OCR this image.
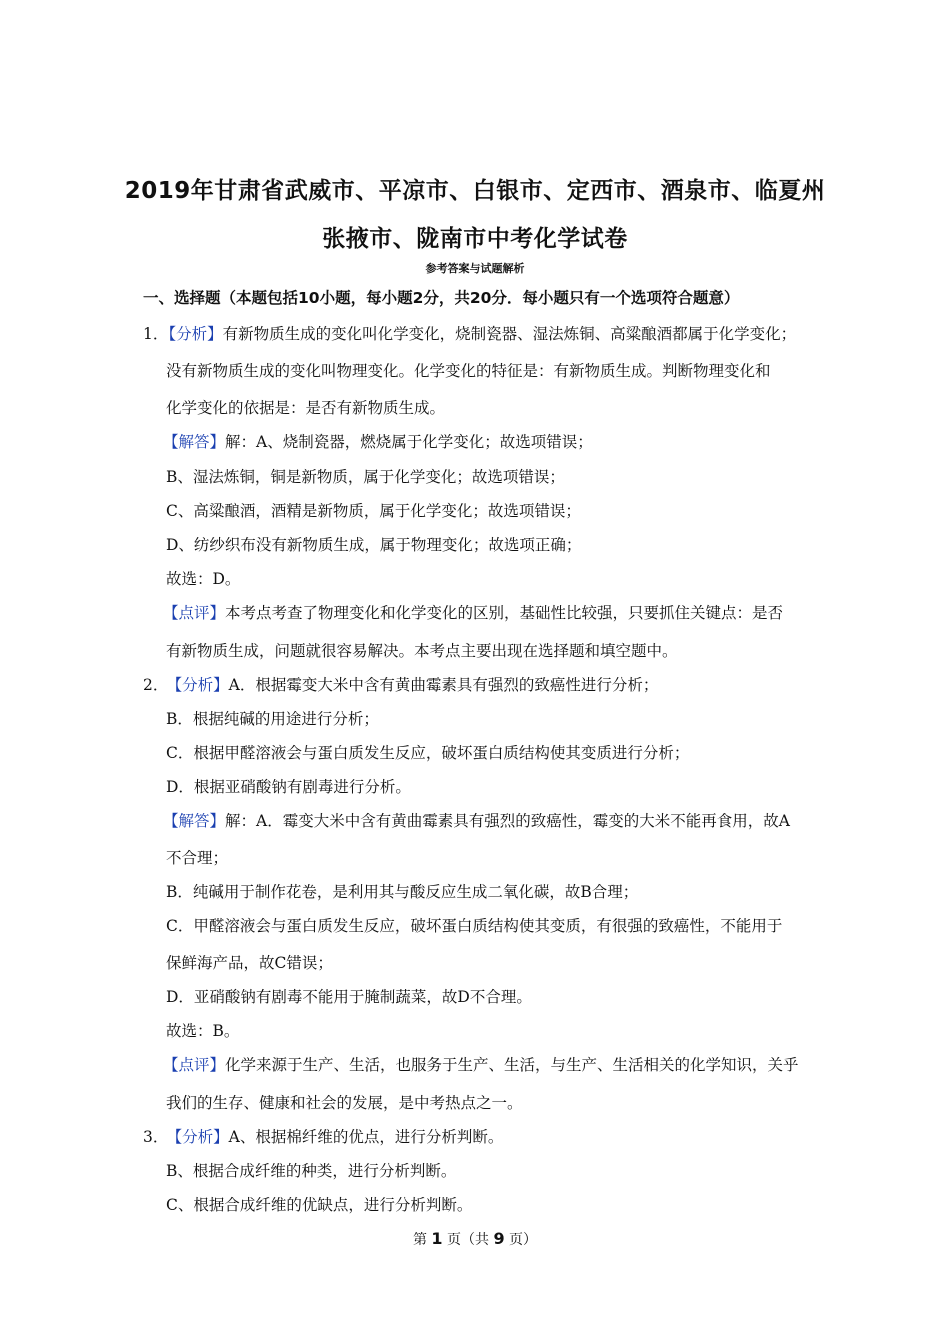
2019年甘肃省武威市、平凉市、白银市、定西市、酒泉市、临夏州
张掖市、陇南市中考化学试卷
参考答案与试题解析
一、选择题（本题包括10小题，每小题2分，共20分．每小题只有一个选项符合题意）
1．【分析】有新物质生成的变化叫化学变化，烧制瓷器、湿法炼铜、高粱酿酒都属于化学变化；
没有新物质生成的变化叫物理变化。化学变化的特征是：有新物质生成。判断物理变化和
化学变化的依据是：是否有新物质生成。
【解答】解：A、烧制瓷器，燃烧属于化学变化；故选项错误；
B、湿法炼铜，铜是新物质，属于化学变化；故选项错误；
C、高粱酿酒，酒精是新物质，属于化学变化；故选项错误；
D、纺纱织布没有新物质生成，属于物理变化；故选项正确；
故选：D。
【点评】本考点考查了物理变化和化学变化的区别，基础性比较强，只要抓住关键点：是否
有新物质生成，问题就很容易解决。本考点主要出现在选择题和填空题中。
2． 【分析】A．根据霉变大米中含有黄曲霉素具有强烈的致癌性进行分析；
B．根据纯碱的用途进行分析；
C．根据甲醛溶液会与蛋白质发生反应，破坏蛋白质结构使其变质进行分析；
D．根据亚硝酸钠有剧毒进行分析。
【解答】解：A．霉变大米中含有黄曲霉素具有强烈的致癌性，霉变的大米不能再食用，故A
不合理；
B．纯碱用于制作花卷，是利用其与酸反应生成二氧化碳，故B合理；
C．甲醛溶液会与蛋白质发生反应，破坏蛋白质结构使其变质，有很强的致癌性，不能用于
保鲜海产品，故C错误；
D．亚硝酸钠有剧毒不能用于腌制蔬菜，故D不合理。
故选：B。
【点评】化学来源于生产、生活，也服务于生产、生活，与生产、生活相关的化学知识，关乎
我们的生存、健康和社会的发展，是中考热点之一。
3． 【分析】A、根据棉纤维的优点，进行分析判断。
B、根据合成纤维的种类，进行分析判断。
C、根据合成纤维的优缺点，进行分析判断。
第 1 页（共 9 页）
